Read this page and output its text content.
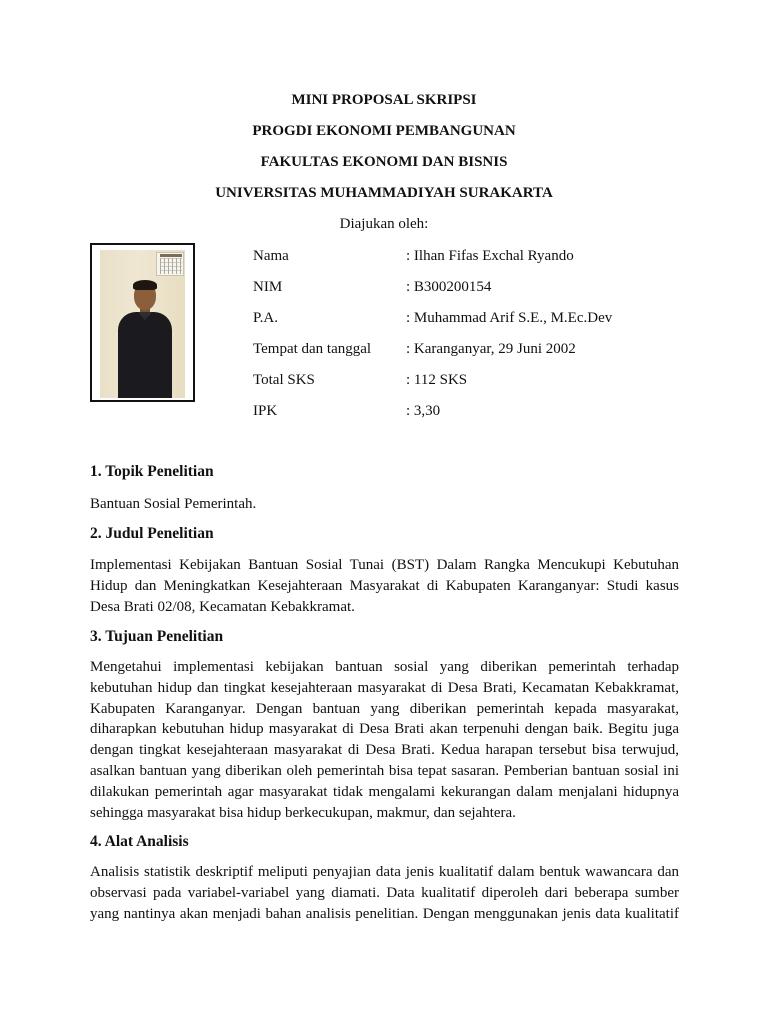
MINI PROPOSAL SKRIPSI
PROGDI EKONOMI PEMBANGUNAN
FAKULTAS EKONOMI DAN BISNIS
UNIVERSITAS MUHAMMADIYAH SURAKARTA
Diajukan oleh:
Nama	: Ilhan Fifas Exchal Ryando
NIM	: B300200154
P.A.	: Muhammad Arif S.E., M.Ec.Dev
Tempat dan tanggal : Karanganyar, 29 Juni 2002
Total SKS	: 112 SKS
IPK	: 3,30
1. Topik Penelitian
Bantuan Sosial Pemerintah.
2. Judul Penelitian
Implementasi Kebijakan Bantuan Sosial Tunai (BST) Dalam Rangka Mencukupi Kebutuhan Hidup dan Meningkatkan Kesejahteraan Masyarakat di Kabupaten Karanganyar: Studi kasus Desa Brati 02/08, Kecamatan Kebakkramat.
3. Tujuan Penelitian
Mengetahui implementasi kebijakan bantuan sosial yang diberikan pemerintah terhadap kebutuhan hidup dan tingkat kesejahteraan masyarakat di Desa Brati, Kecamatan Kebakkramat, Kabupaten Karanganyar. Dengan bantuan yang diberikan pemerintah kepada masyarakat, diharapkan kebutuhan hidup masyarakat di Desa Brati akan terpenuhi dengan baik. Begitu juga dengan tingkat kesejahteraan masyarakat di Desa Brati. Kedua harapan tersebut bisa terwujud, asalkan bantuan yang diberikan oleh pemerintah bisa tepat sasaran. Pemberian bantuan sosial ini dilakukan pemerintah agar masyarakat tidak mengalami kekurangan dalam menjalani hidupnya sehingga masyarakat bisa hidup berkecukupan, makmur, dan sejahtera.
4. Alat Analisis
Analisis statistik deskriptif meliputi penyajian data jenis kualitatif dalam bentuk wawancara dan observasi pada variabel-variabel yang diamati. Data kualitatif diperoleh dari beberapa sumber yang nantinya akan menjadi bahan analisis penelitian. Dengan menggunakan jenis data kualitatif
